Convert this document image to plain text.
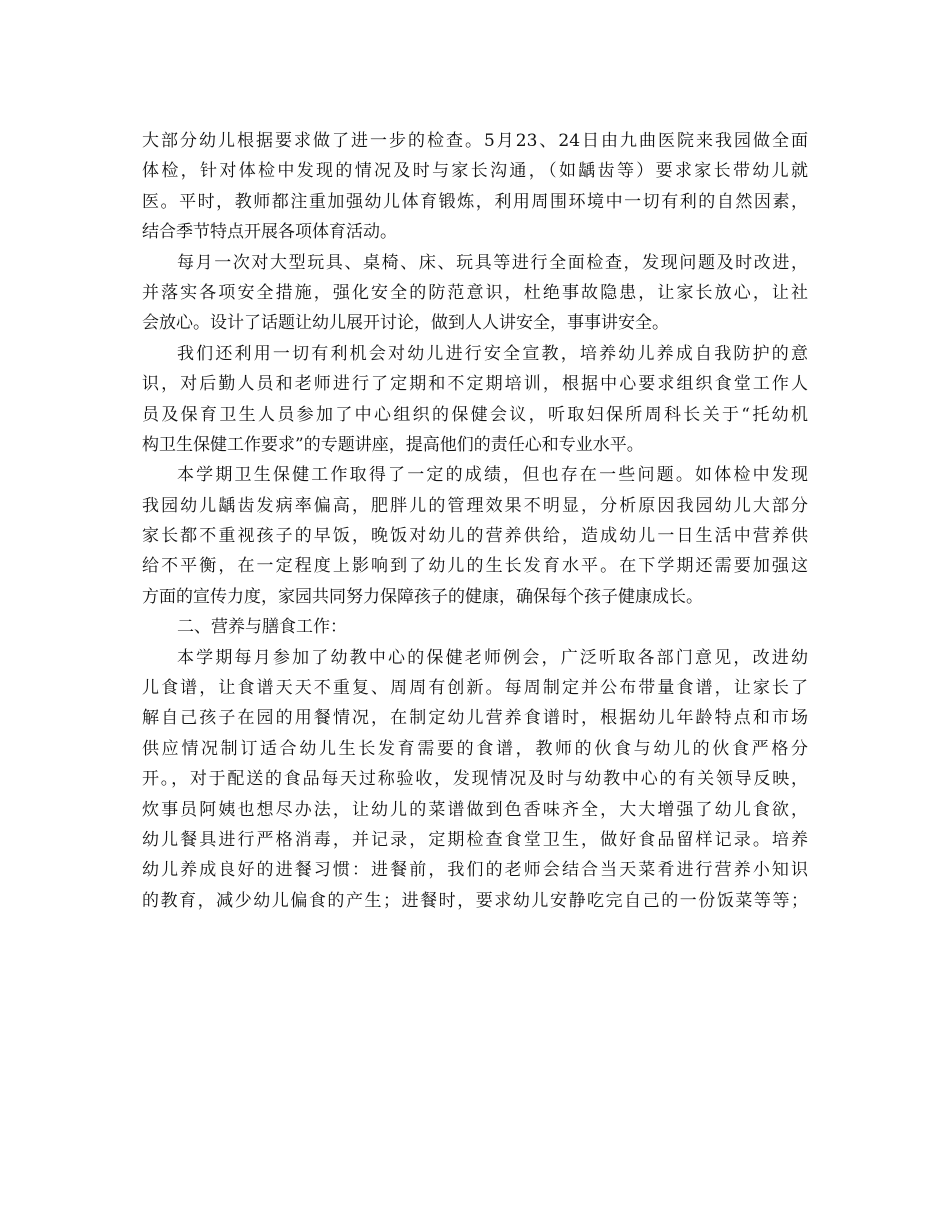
大部分幼儿根据要求做了进一步的检查。5月23、24日由九曲医院来我园做全面
体检，针对体检中发现的情况及时与家长沟通，（如龋齿等）要求家长带幼儿就
医。平时，教师都注重加强幼儿体育锻炼，利用周围环境中一切有利的自然因素，
结合季节特点开展各项体育活动。
每月一次对大型玩具、桌椅、床、玩具等进行全面检查，发现问题及时改进，
并落实各项安全措施，强化安全的防范意识，杜绝事故隐患，让家长放心，让社
会放心。设计了话题让幼儿展开讨论，做到人人讲安全，事事讲安全。
我们还利用一切有利机会对幼儿进行安全宣教，培养幼儿养成自我防护的意
识，对后勤人员和老师进行了定期和不定期培训，根据中心要求组织食堂工作人
员及保育卫生人员参加了中心组织的保健会议，听取妇保所周科长关于“托幼机
构卫生保健工作要求”的专题讲座，提高他们的责任心和专业水平。
本学期卫生保健工作取得了一定的成绩，但也存在一些问题。如体检中发现
我园幼儿龋齿发病率偏高，肥胖儿的管理效果不明显，分析原因我园幼儿大部分
家长都不重视孩子的早饭，晚饭对幼儿的营养供给，造成幼儿一日生活中营养供
给不平衡，在一定程度上影响到了幼儿的生长发育水平。在下学期还需要加强这
方面的宣传力度，家园共同努力保障孩子的健康，确保每个孩子健康成长。
二、营养与膳食工作：
本学期每月参加了幼教中心的保健老师例会，广泛听取各部门意见，改进幼
儿食谱，让食谱天天不重复、周周有创新。每周制定并公布带量食谱，让家长了
解自己孩子在园的用餐情况，在制定幼儿营养食谱时，根据幼儿年龄特点和市场
供应情况制订适合幼儿生长发育需要的食谱，教师的伙食与幼儿的伙食严格分
开。，对于配送的食品每天过称验收，发现情况及时与幼教中心的有关领导反映，
炊事员阿姨也想尽办法，让幼儿的菜谱做到色香味齐全，大大增强了幼儿食欲，
幼儿餐具进行严格消毒，并记录，定期检查食堂卫生，做好食品留样记录。培养
幼儿养成良好的进餐习惯：进餐前，我们的老师会结合当天菜肴进行营养小知识
的教育，减少幼儿偏食的产生；进餐时，要求幼儿安静吃完自己的一份饭菜等等；
